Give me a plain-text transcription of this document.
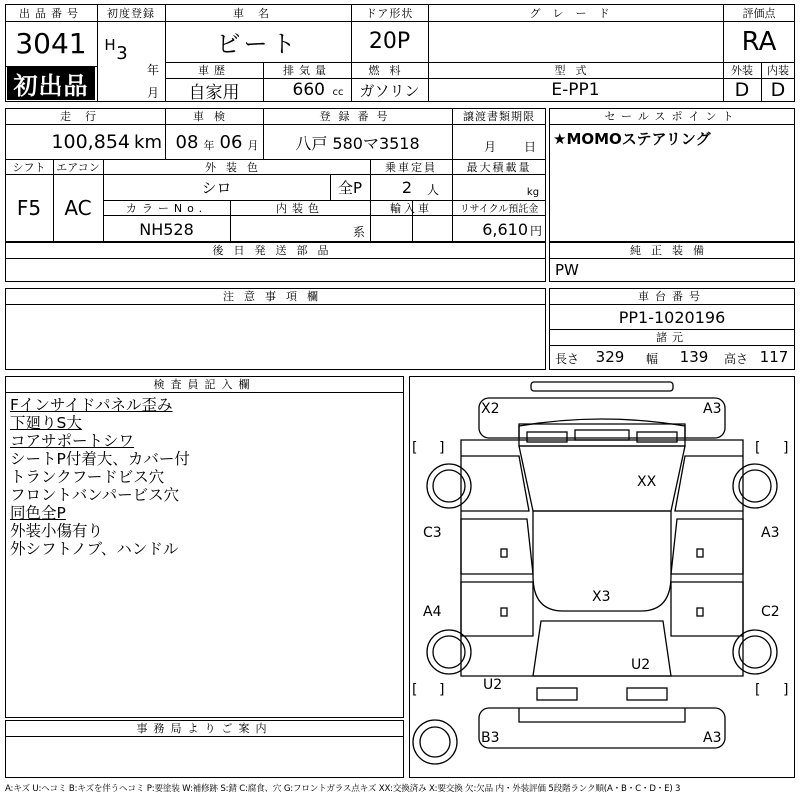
出品番号
3041
初出品
初度登録
H 3
年
月
車名
ビート
ドア形状
20P
グレード	評価点
RA
車歴
自家用
排気量
660 cc
燃料
ガソリン
型式
E-PP1
外装
D
内装
D
走行
100,854 km
車検
08 年 06 月
登録番号
八戸 580マ3518
譲渡書類期限
月 日
シフト
F5
エアコン
AC
外装色
シロ	全P
乗車定員
2	人
最大積載量
kg
カラーNo.
NH528
内装色
系
輸入車	リサイクル預託金
6,610 円
セールスポイント
★MOMOステアリング
後日発送部品	純正装備
PW
注意事項欄	車台番号
PP1-1020196
諸元
長さ	329	幅 139	高さ 117
検査員記入欄
Fインサイドパネル歪み
下廻りS大
コアサポートシワ
シートP付着大、カバー付
トランクフードビス穴
フロントバンパービス穴
同色全P
外装小傷有り
外シフトノブ、ハンドル
事務局よりご案内
X2	A3
XX
C3	A3
X3
A4	C2
U2
U2
B3	A3
[ ]	[ ]
[ ]	[ ]
A:キズ U:ヘコミ B:キズを伴うヘコミ P:要塗装 W:補修跡 S:錆 C:腐食、穴 G:フロントガラス点キズ XX:交換済み X:要交換 欠:欠品 内・外装評価 5段階ランク順(A・B・C・D・E) 3
